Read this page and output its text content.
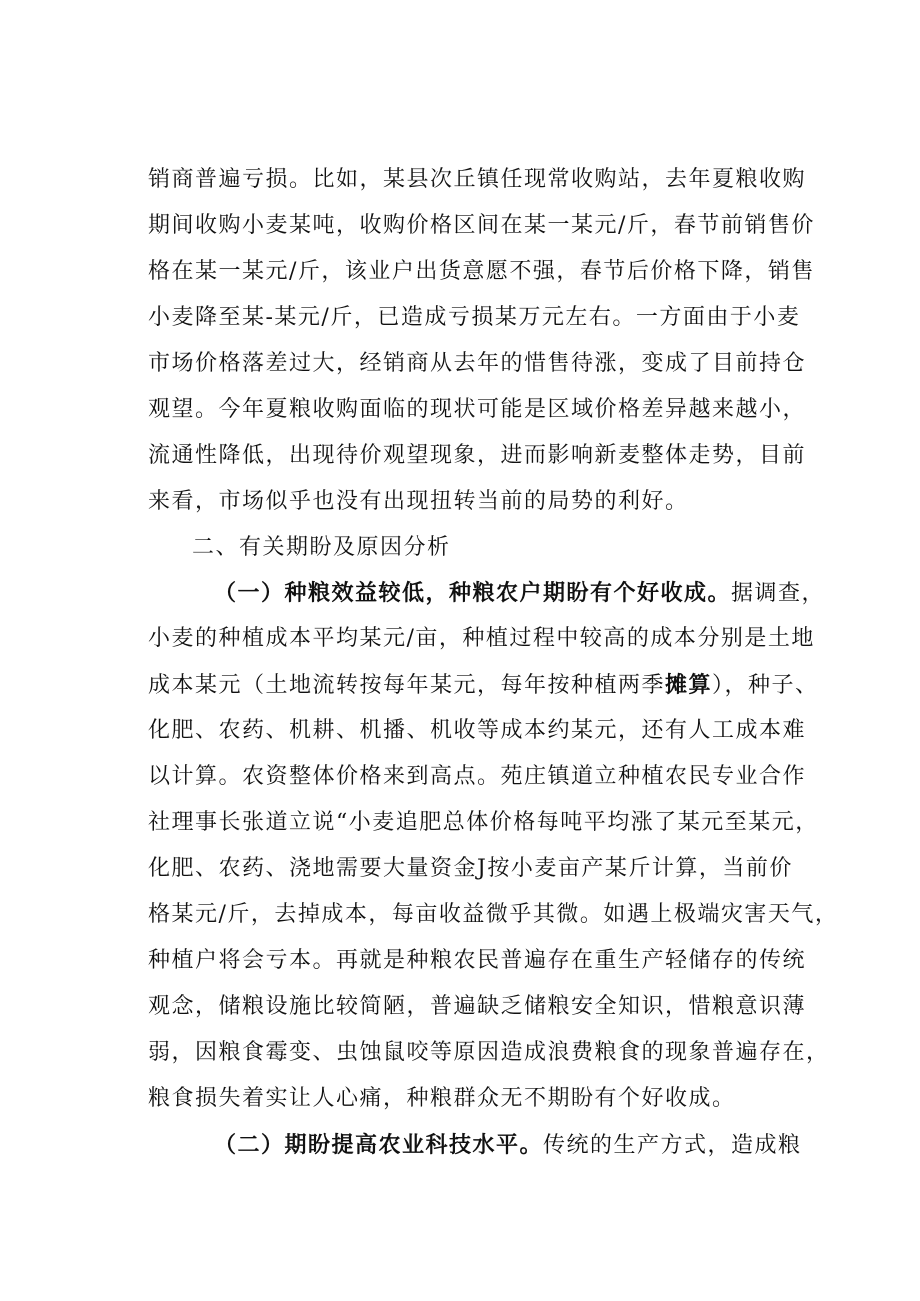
销商普遍亏损。比如，某县次丘镇任现常收购站，去年夏粮收购
期间收购小麦某吨，收购价格区间在某一某元/斤，春节前销售价
格在某一某元/斤，该业户出货意愿不强，春节后价格下降，销售
小麦降至某-某元/斤，已造成亏损某万元左右。一方面由于小麦
市场价格落差过大，经销商从去年的惜售待涨，变成了目前持仓
观望。今年夏粮收购面临的现状可能是区域价格差异越来越小，
流通性降低，出现待价观望现象，进而影响新麦整体走势，目前
来看，市场似乎也没有出现扭转当前的局势的利好。
二、有关期盼及原因分析
（一）种粮效益较低，种粮农户期盼有个好收成。据调查，
小麦的种植成本平均某元/亩，种植过程中较高的成本分别是土地
成本某元（土地流转按每年某元，每年按种植两季摊算），种子、
化肥、农药、机耕、机播、机收等成本约某元，还有人工成本难
以计算。农资整体价格来到高点。苑庄镇道立种植农民专业合作
社理事长张道立说“小麦追肥总体价格每吨平均涨了某元至某元，
化肥、农药、浇地需要大量资金J按小麦亩产某斤计算，当前价
格某元/斤，去掉成本，每亩收益微乎其微。如遇上极端灾害天气，
种植户将会亏本。再就是种粮农民普遍存在重生产轻储存的传统
观念，储粮设施比较简陋，普遍缺乏储粮安全知识，惜粮意识薄
弱，因粮食霉变、虫蚀鼠咬等原因造成浪费粮食的现象普遍存在，
粮食损失着实让人心痛，种粮群众无不期盼有个好收成。
（二）期盼提高农业科技水平。传统的生产方式，造成粮
